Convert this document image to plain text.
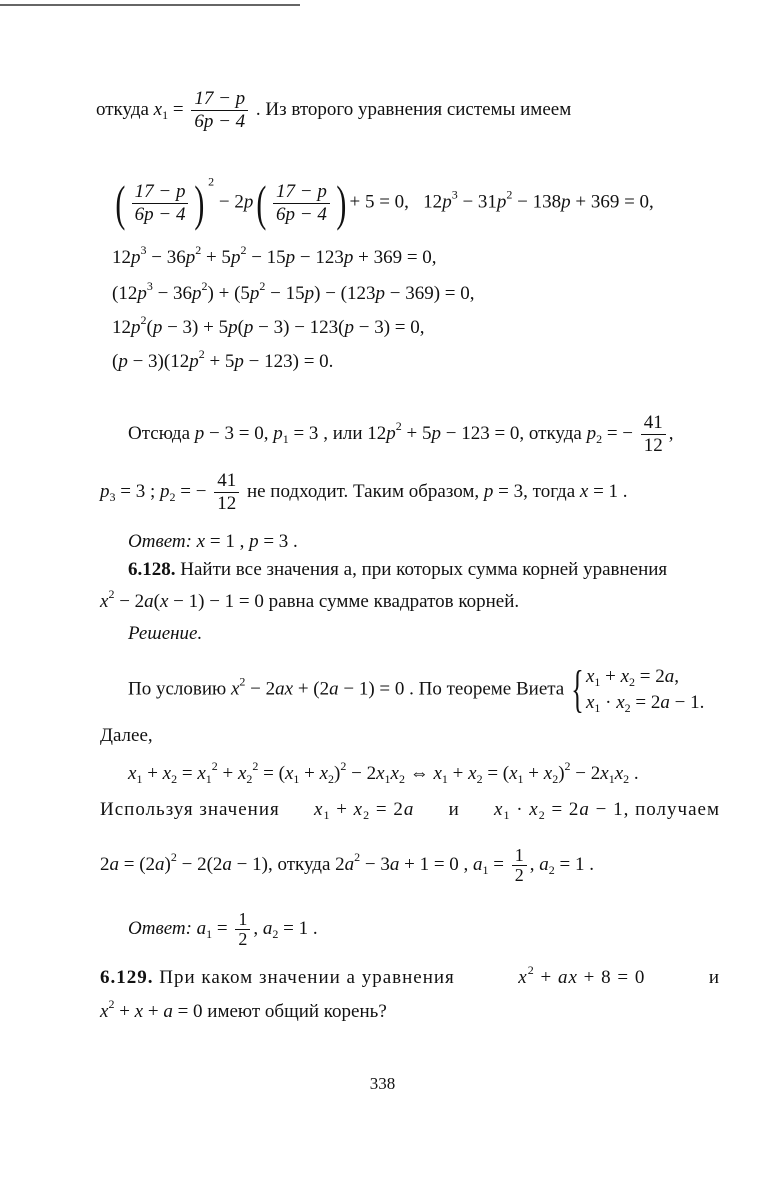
откуда $x_1 = \frac{17 - p}{6p - 4}$ . Из второго уравнения системы имеем
( $\frac{17 - p}{6p - 4}$ ) $^2 - 2p( \frac{17 - p}{6p - 4}$ ) + 5 = 0,   $12p^3 - 31p^2 - 138p + 369 = 0$,
$12p^3 - 36p^2 + 5p^2 - 15p - 123p + 369 = 0$,
$(12p^3 - 36p^2) + (5p^2 - 15p) - (123p - 369) = 0$,
$12p^2(p - 3) + 5p(p - 3) - 123(p - 3) = 0$,
$(p - 3)(12p^2 + 5p - 123) = 0$.
Отсюда p − 3 = 0, $p_1 = 3$ , или $12p^2 + 5p - 123 = 0$, откуда $p_2$ = − $\frac{41}{12}$ ,
$p_3 = 3$ ; $p_2$ = − $\frac{41}{12}$ не подходит. Таким образом, p = 3, тогда x = 1 .
Ответ: x = 1 , p = 3 .
6.128. Найти все значения a, при которых сумма корней уравнения
$x^2 - 2a(x - 1) - 1 = 0$ равна сумме квадратов корней.
Решение.
По условию $x^2 - 2ax + (2a - 1) = 0$ . По теореме Виета { $x_1 + x_2 = 2a$,
$x_1 \cdot x_2 = 2a - 1$.
Далее,
$x_1 + x_2 = x_1^2 + x_2^2 = (x_1 + x_2)^2 - 2x_1x_2$ ⇔ $x_1 + x_2 = (x_1 + x_2)^2 - 2x_1x_2$ .
Используя значения $x_1 + x_2 = 2a$ и $x_1 \cdot x_2 = 2a - 1$, получаем
$2a = (2a)^2 - 2(2a - 1)$, откуда $2a^2 - 3a + 1 = 0$ , $a_1 = \frac{1}{2}$ , $a_2 = 1$ .
Ответ: $a_1 = \frac{1}{2}$ , $a_2 = 1$ .
6.129. При каком значении a уравнения	$x^2$ + ax + 8 = 0	и
$x^2 + x + a = 0$ имеют общий корень?
338
